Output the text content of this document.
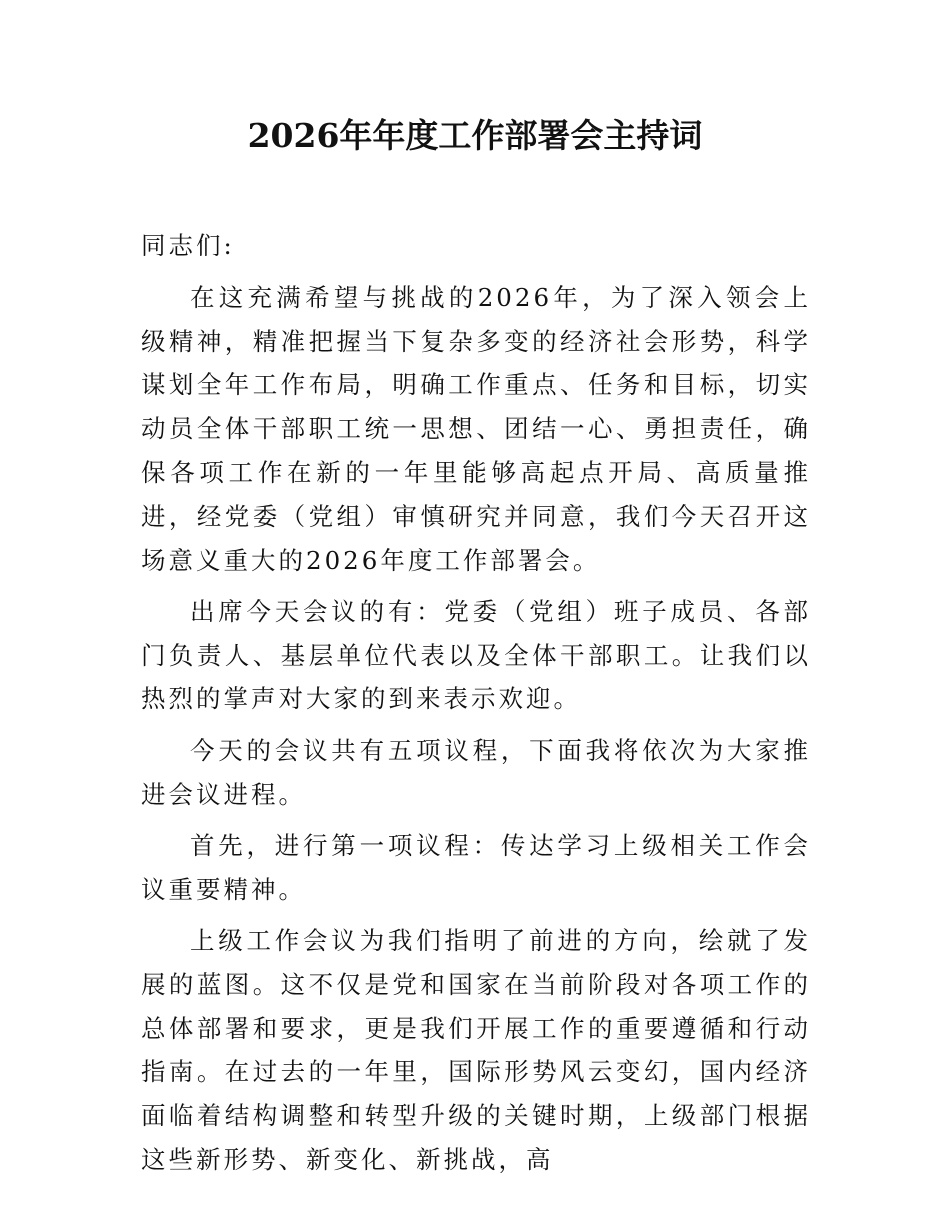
2026年年度工作部署会主持词

同志们:

在这充满希望与挑战的2026年，为了深入领会上级精神，精准把握当下复杂多变的经济社会形势，科学谋划全年工作布局，明确工作重点、任务和目标，切实动员全体干部职工统一思想、团结一心、勇担责任，确保各项工作在新的一年里能够高起点开局、高质量推进，经党委（党组）审慎研究并同意，我们今天召开这场意义重大的2026年度工作部署会。

出席今天会议的有：党委（党组）班子成员、各部门负责人、基层单位代表以及全体干部职工。让我们以热烈的掌声对大家的到来表示欢迎。

今天的会议共有五项议程，下面我将依次为大家推进会议进程。

首先，进行第一项议程：传达学习上级相关工作会议重要精神。

上级工作会议为我们指明了前进的方向，绘就了发展的蓝图。这不仅是党和国家在当前阶段对各项工作的总体部署和要求，更是我们开展工作的重要遵循和行动指南。在过去的一年里，国际形势风云变幻，国内经济面临着结构调整和转型升级的关键时期，上级部门根据这些新形势、新变化、新挑战，高
